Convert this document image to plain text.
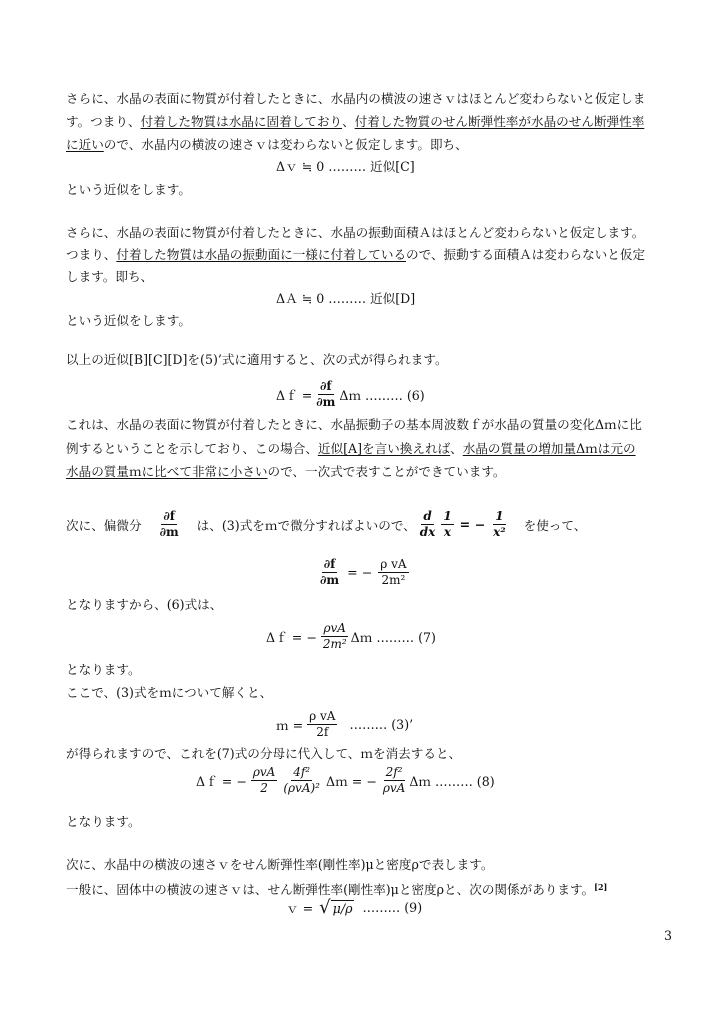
さらに、水晶の表面に物質が付着したときに、水晶内の横波の速さｖはほとんど変わらないと仮定しま
す。つまり、付着した物質は水晶に固着しており、付着した物質のせん断弾性率が水晶のせん断弾性率
に近いので、水晶内の横波の速さｖは変わらないと仮定します。即ち、
Δｖ ≒ 0 ……… 近似[C]
という近似をします。
さらに、水晶の表面に物質が付着したときに、水晶の振動面積Ａはほとんど変わらないと仮定します。
つまり、付着した物質は水晶の振動面に一様に付着しているので、振動する面積Ａは変わらないと仮定
します。即ち、
ΔＡ ≒ 0 ……… 近似[D]
という近似をします。
以上の近似[B][C][D]を(5)’式に適用すると、次の式が得られます。
Δｆ = $\frac{\partial f}{\partial m}$ Δｍ ……… (6)
これは、水晶の表面に物質が付着したときに、水晶振動子の基本周波数ｆが水晶の質量の変化Δｍに比
例するということを示しており、この場合、近似[A]を言い換えれば、水晶の質量の増加量Δｍは元の
水晶の質量ｍに比べて非常に小さいので、一次式で表すことができています。
次に、偏微分 $\frac{\partial f}{\partial m}$ は、(3)式をｍで微分すればよいので、 $\frac{d}{dx} \frac{1}{x}$ = − $\frac{1}{\text{x²}}$ を使って、
$\frac{\partial f}{\partial m}$ = − $\frac{\text{ρ vA}}{\text{2m²}}$
となりますから、(6)式は、
Δｆ = − $\frac{\text{ρvA}}{\text{2m²}}$ Δｍ ……… (7)
となります。
ここで、(3)式をｍについて解くと、
ｍ = $\frac{\text{ρ vA}}{2f}$ ……… (3)’
が得られますので、これを(7)式の分母に代入して、ｍを消去すると、
Δｆ = − $\frac{\text{ρvA}}{2} \frac{\text{4f²}}{\text{(ρvA)²}}$ Δｍ = − $\frac{\text{2f²}}{\text{ρvA}}$ Δｍ ……… (8)
となります。
次に、水晶中の横波の速さｖをせん断弾性率(剛性率)μと密度ρで表します。
一般に、固体中の横波の速さｖは、せん断弾性率(剛性率)μと密度ρと、次の関係があります。[2]
ｖ = √ μ/ρ ……… (9)
3
